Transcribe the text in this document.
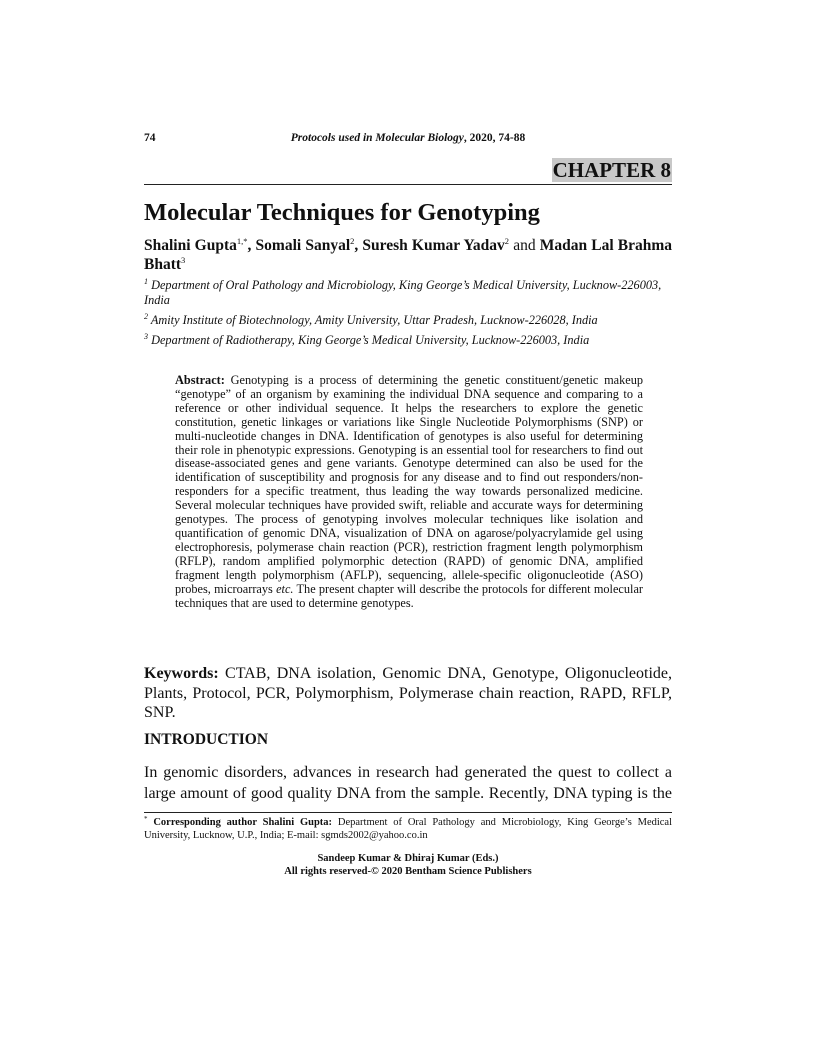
74	Protocols used in Molecular Biology, 2020, 74-88
CHAPTER 8
Molecular Techniques for Genotyping
Shalini Gupta$^{1,*}$, Somali Sanyal$^2$, Suresh Kumar Yadav$^2$ and Madan Lal Brahma Bhatt$^3$
$^1$ Department of Oral Pathology and Microbiology, King George’s Medical University, Lucknow-226003, India
$^2$ Amity Institute of Biotechnology, Amity University, Uttar Pradesh, Lucknow-226028, India
$^3$ Department of Radiotherapy, King George’s Medical University, Lucknow-226003, India
Abstract: Genotyping is a process of determining the genetic constituent/genetic makeup “genotype” of an organism by examining the individual DNA sequence and comparing to a reference or other individual sequence. It helps the researchers to explore the genetic constitution, genetic linkages or variations like Single Nucleotide Polymorphisms (SNP) or multi-nucleotide changes in DNA. Identification of genotypes is also useful for determining their role in phenotypic expressions. Genotyping is an essential tool for researchers to find out disease-associated genes and gene variants. Genotype determined can also be used for the identification of susceptibility and prognosis for any disease and to find out responders/non-responders for a specific treatment, thus leading the way towards personalized medicine. Several molecular techniques have provided swift, reliable and accurate ways for determining genotypes. The process of genotyping involves molecular techniques like isolation and quantification of genomic DNA, visualization of DNA on agarose/polyacrylamide gel using electrophoresis, polymerase chain reaction (PCR), restriction fragment length polymorphism (RFLP), random amplified polymorphic detection (RAPD) of genomic DNA, amplified fragment length polymorphism (AFLP), sequencing, allele-specific oligonucleotide (ASO) probes, microarrays etc. The present chapter will describe the protocols for different molecular techniques that are used to determine genotypes.
Keywords: CTAB, DNA isolation, Genomic DNA, Genotype, Oligonucleotide, Plants, Protocol, PCR, Polymorphism, Polymerase chain reaction, RAPD, RFLP, SNP.
INTRODUCTION
In genomic disorders, advances in research had generated the quest to collect a large amount of good quality DNA from the sample. Recently, DNA typing is the
* Corresponding author Shalini Gupta: Department of Oral Pathology and Microbiology, King George’s Medical University, Lucknow, U.P., India; E-mail: sgmds2002@yahoo.co.in
Sandeep Kumar & Dhiraj Kumar (Eds.)
All rights reserved-© 2020 Bentham Science Publishers
